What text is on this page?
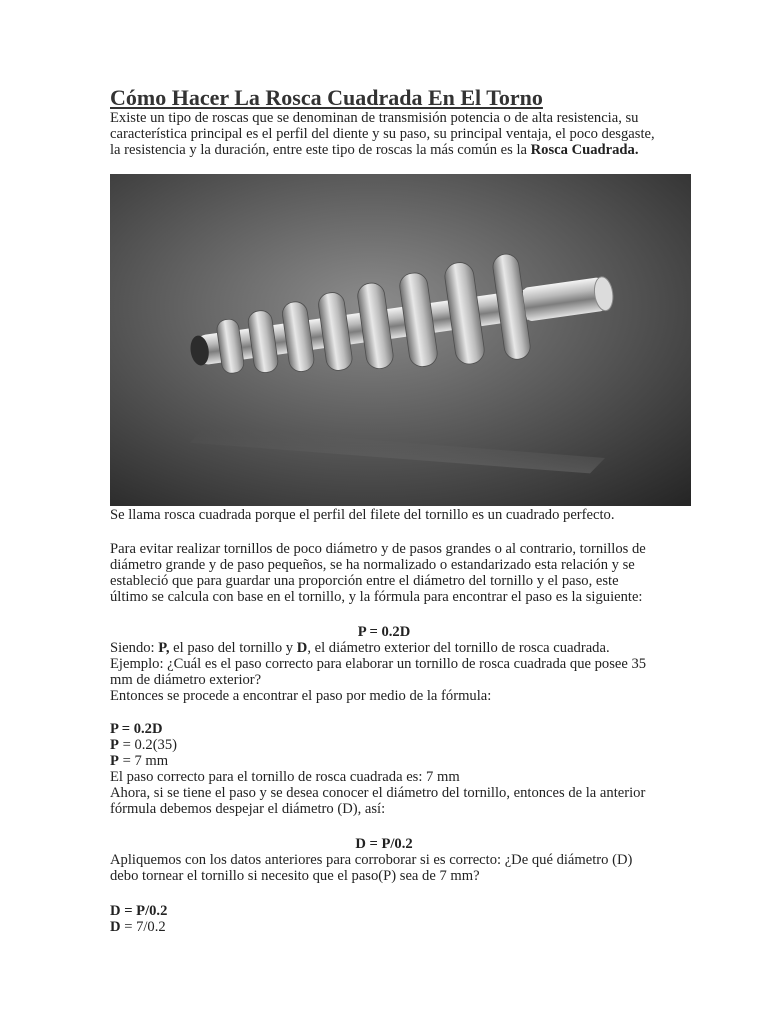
Cómo Hacer La Rosca Cuadrada En El Torno

Existe un tipo de roscas que se denominan de transmisión potencia o de alta resistencia, su característica principal es el perfil del diente y su paso, su principal ventaja, el poco desgaste, la resistencia y la duración, entre este tipo de roscas la más común es la Rosca Cuadrada.

Se llama rosca cuadrada porque el perfil del filete del tornillo es un cuadrado perfecto.

Para evitar realizar tornillos de poco diámetro y de pasos grandes o al contrario, tornillos de diámetro grande y de paso pequeños, se ha normalizado o estandarizado esta relación y se estableció que para guardar una proporción entre el diámetro del tornillo y el paso, este último se calcula con base en el tornillo, y la fórmula para encontrar el paso es la siguiente:

P = 0.2D
Siendo: P, el paso del tornillo y D, el diámetro exterior del tornillo de rosca cuadrada.
Ejemplo: ¿Cuál es el paso correcto para elaborar un tornillo de rosca cuadrada que posee 35 mm de diámetro exterior?
Entonces se procede a encontrar el paso por medio de la fórmula:
P = 0.2D
P = 0.2(35)
P = 7 mm
El paso correcto para el tornillo de rosca cuadrada es: 7 mm
Ahora, si se tiene el paso y se desea conocer el diámetro del tornillo, entonces de la anterior fórmula debemos despejar el diámetro (D), así:
D = P/0.2
Apliquemos con los datos anteriores para corroborar si es correcto: ¿De qué diámetro (D) debo tornear el tornillo si necesito que el paso(P) sea de 7 mm?
D = P/0.2
D = 7/0.2
